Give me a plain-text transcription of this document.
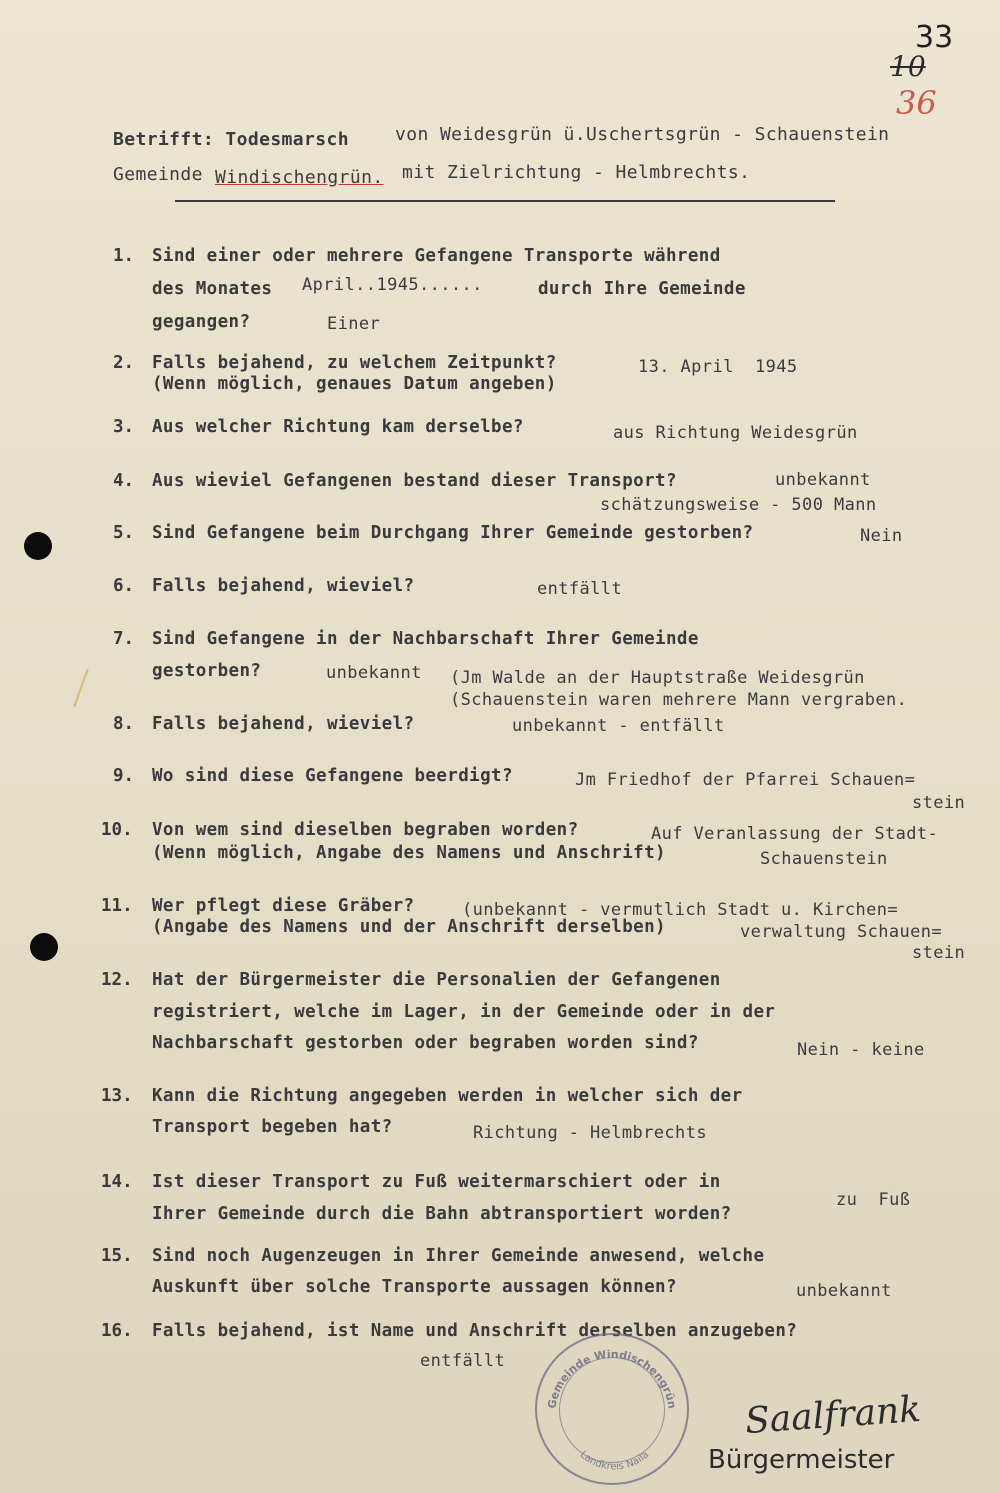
33
10
36
Betrifft: Todesmarsch	von Weidesgrün ü.Uschertsgrün - Schauenstein
Gemeinde Windischengrün. mit Zielrichtung - Helmbrechts.
1. Sind einer oder mehrere Gefangene Transporte während
des Monates April..1945......	durch Ihre Gemeinde
gegangen?	Einer
2. Falls bejahend, zu welchem Zeitpunkt?
(Wenn möglich, genaues Datum angeben)
13. April  1945
3. Aus welcher Richtung kam derselbe?	aus Richtung Weidesgrün
4. Aus wieviel Gefangenen bestand dieser Transport?	unbekannt
schätzungsweise - 500 Mann
5. Sind Gefangene beim Durchgang Ihrer Gemeinde gestorben?	Nein
6. Falls bejahend, wieviel?	entfällt
7. Sind Gefangene in der Nachbarschaft Ihrer Gemeinde
gestorben?	unbekannt (Jm Walde an der Hauptstraße Weidesgrün
(Schauenstein waren mehrere Mann vergraben.
8. Falls bejahend, wieviel?	unbekannt - entfällt
9. Wo sind diese Gefangene beerdigt?	Jm Friedhof der Pfarrei Schauen=
stein
10. Von wem sind dieselben begraben worden?
(Wenn möglich, Angabe des Namens und Anschrift)
Auf Veranlassung der Stadt-
Schauenstein
11. Wer pflegt diese Gräber?
(Angabe des Namens und der Anschrift derselben)
(unbekannt - vermutlich Stadt u. Kirchen=
verwaltung Schauen=
stein
12. Hat der Bürgermeister die Personalien der Gefangenen
registriert, welche im Lager, in der Gemeinde oder in der
Nachbarschaft gestorben oder begraben worden sind?	Nein - keine
13. Kann die Richtung angegeben werden in welcher sich der
Transport begeben hat?	Richtung - Helmbrechts
14. Ist dieser Transport zu Fuß weitermarschiert oder in
Ihrer Gemeinde durch die Bahn abtransportiert worden?
zu  Fuß
15. Sind noch Augenzeugen in Ihrer Gemeinde anwesend, welche
Auskunft über solche Transporte aussagen können?	unbekannt
16. Falls bejahend, ist Name und Anschrift derselben anzugeben?
entfällt
Gemeinde Windischengrün
Landkreis Naila
Saalfrank
Bürgermeister
